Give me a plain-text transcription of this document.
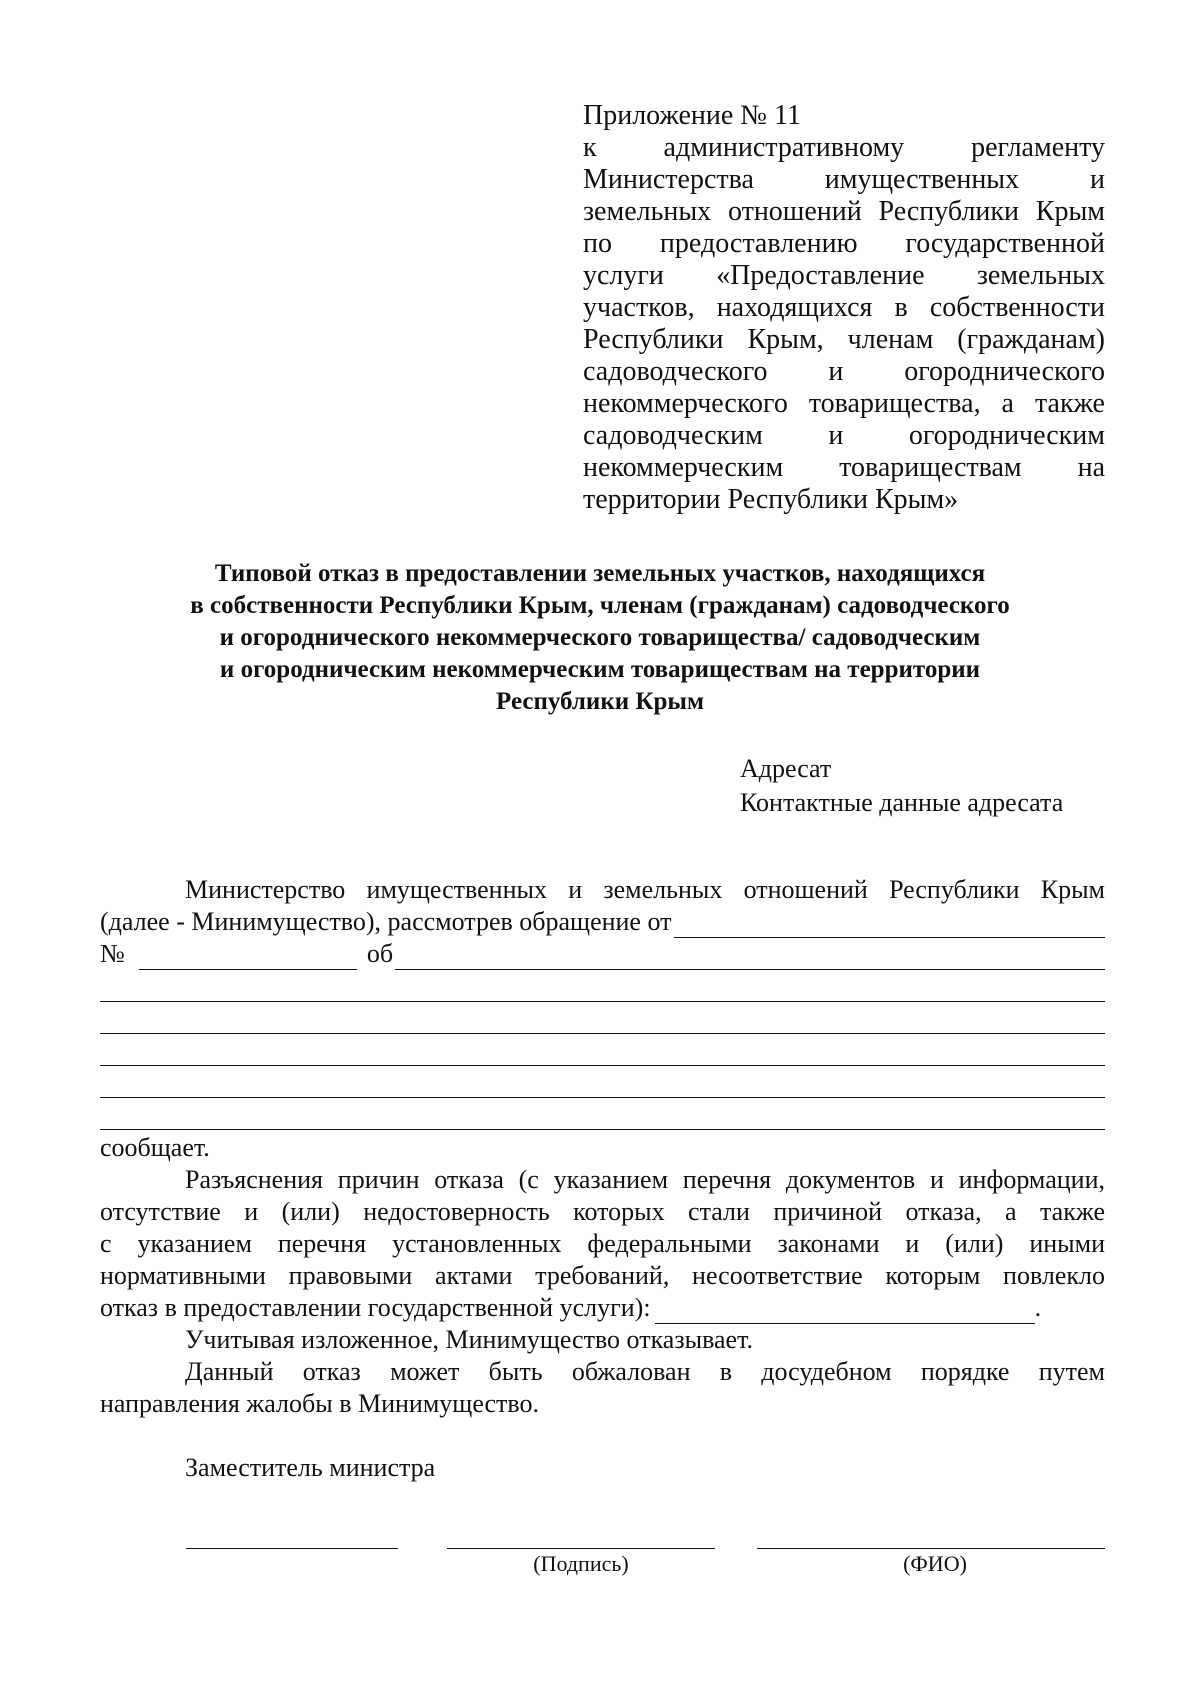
Приложение № 11
к административному регламенту
Министерства имущественных и
земельных отношений Республики Крым
по предоставлению государственной
услуги «Предоставление земельных
участков, находящихся в собственности
Республики Крым, членам (гражданам)
садоводческого и огороднического
некоммерческого товарищества, а также
садоводческим и огородническим
некоммерческим товариществам на
территории Республики Крым»
Типовой отказ в предоставлении земельных участков, находящихся
в собственности Республики Крым, членам (гражданам) садоводческого
и огороднического некоммерческого товарищества/ садоводческим
и огородническим некоммерческим товариществам на территории
Республики Крым
Адресат
Контактные данные адресата
Министерство имущественных и земельных отношений Республики Крым
(далее - Минимущество), рассмотрев обращение от
№	об
сообщает.
Разъяснения причин отказа (с указанием перечня документов и информации,
отсутствие и (или) недостоверность которых стали причиной отказа, а также
с указанием перечня установленных федеральными законами и (или) иными
нормативными правовыми актами требований, несоответствие которым повлекло
отказ в предоставлении государственной услуги):	.
Учитывая изложенное, Минимущество отказывает.
Данный отказ может быть обжалован в досудебном порядке путем
направления жалобы в Минимущество.
Заместитель министра
(Подпись)	(ФИО)
